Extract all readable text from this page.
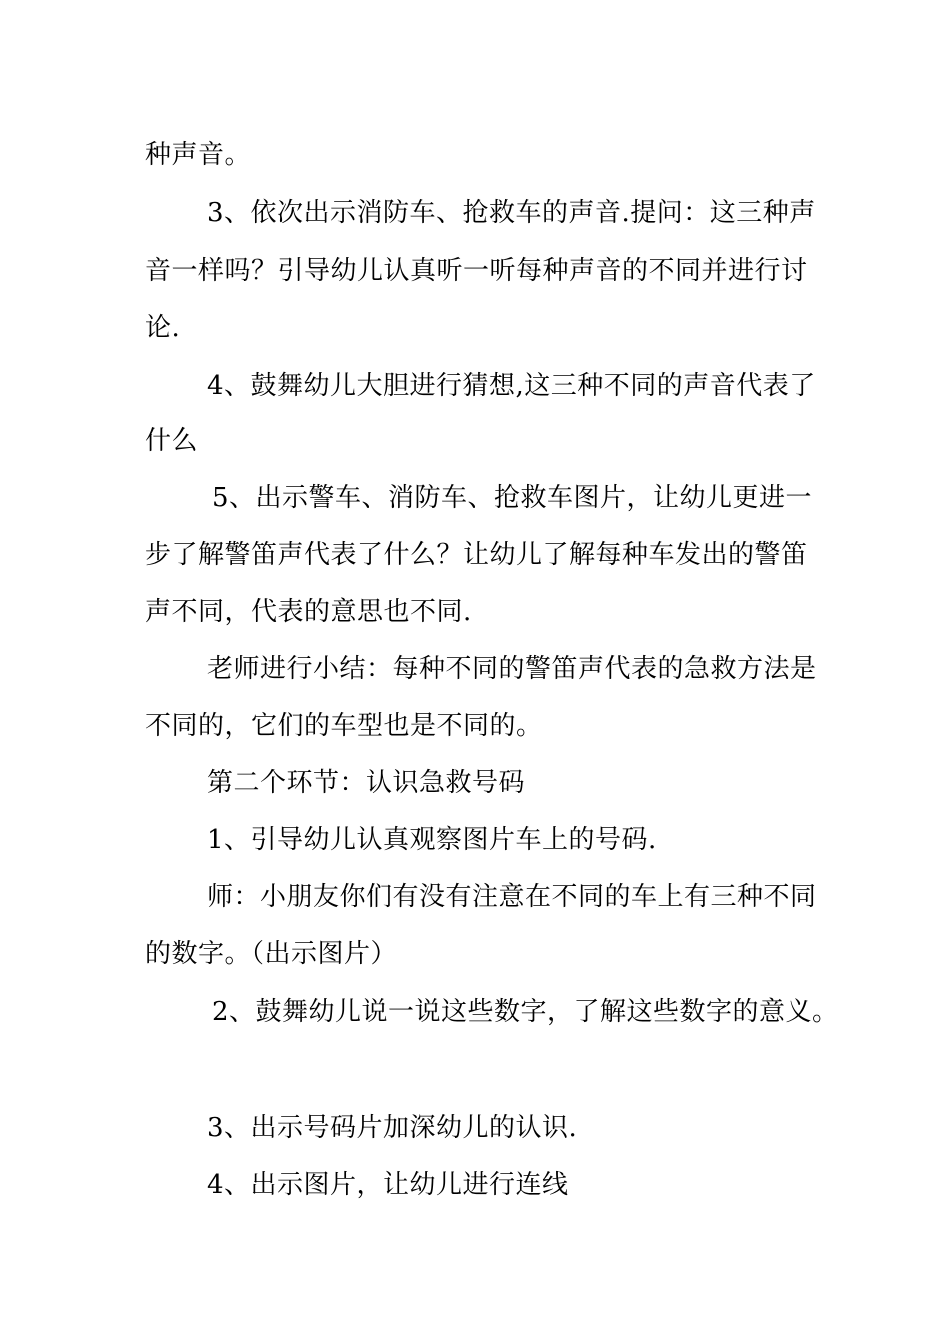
种声音。
3、依次出示消防车、抢救车的声音.提问：这三种声
音一样吗？引导幼儿认真听一听每种声音的不同并进行讨
论.
4、鼓舞幼儿大胆进行猜想,这三种不同的声音代表了
什么
5、出示警车、消防车、抢救车图片，让幼儿更进一
步了解警笛声代表了什么？让幼儿了解每种车发出的警笛
声不同，代表的意思也不同.
老师进行小结：每种不同的警笛声代表的急救方法是
不同的，它们的车型也是不同的。
第二个环节：认识急救号码
1、引导幼儿认真观察图片车上的号码.
师：小朋友你们有没有注意在不同的车上有三种不同
的数字。（出示图片）
2、鼓舞幼儿说一说这些数字，了解这些数字的意义。
3、出示号码片加深幼儿的认识.
4、出示图片，让幼儿进行连线
